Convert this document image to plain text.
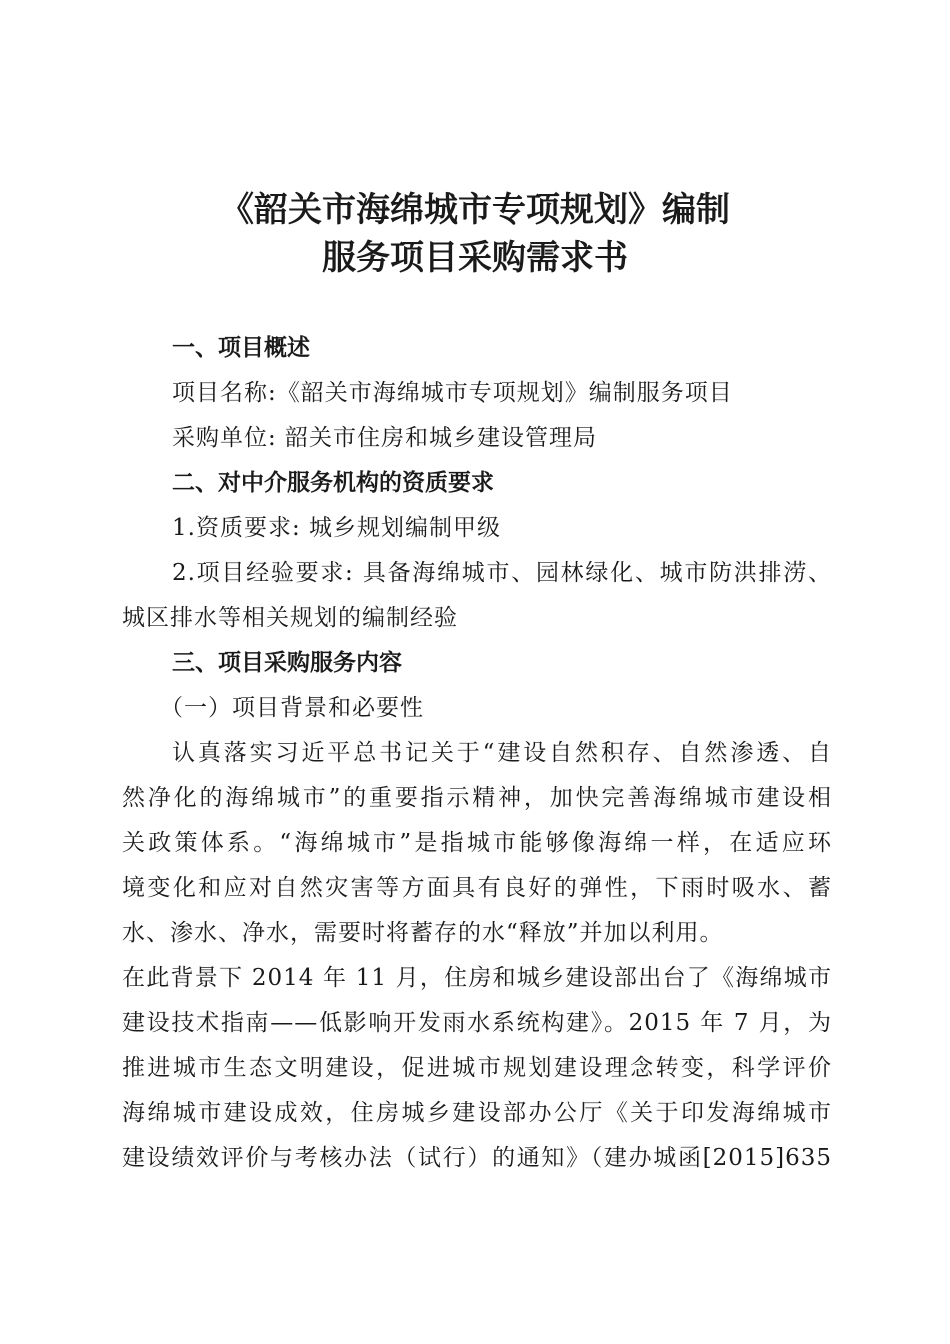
《韶关市海绵城市专项规划》编制
服务项目采购需求书
一、项目概述
项目名称:《韶关市海绵城市专项规划》编制服务项目
采购单位: 韶关市住房和城乡建设管理局
二、对中介服务机构的资质要求
1.资质要求: 城乡规划编制甲级
2.项目经验要求: 具备海绵城市、园林绿化、城市防洪排涝、
城区排水等相关规划的编制经验
三、项目采购服务内容
（一）项目背景和必要性
认真落实习近平总书记关于“建设自然积存、自然渗透、自
然净化的海绵城市”的重要指示精神，加快完善海绵城市建设相
关政策体系。“海绵城市”是指城市能够像海绵一样，在适应环
境变化和应对自然灾害等方面具有良好的弹性，下雨时吸水、蓄
水、渗水、净水，需要时将蓄存的水“释放”并加以利用。
在此背景下 2014 年 11 月，住房和城乡建设部出台了《海绵城市
建设技术指南——低影响开发雨水系统构建》。2015 年 7 月，为
推进城市生态文明建设，促进城市规划建设理念转变，科学评价
海绵城市建设成效，住房城乡建设部办公厅《关于印发海绵城市
建设绩效评价与考核办法（试行）的通知》（建办城函[2015]635
